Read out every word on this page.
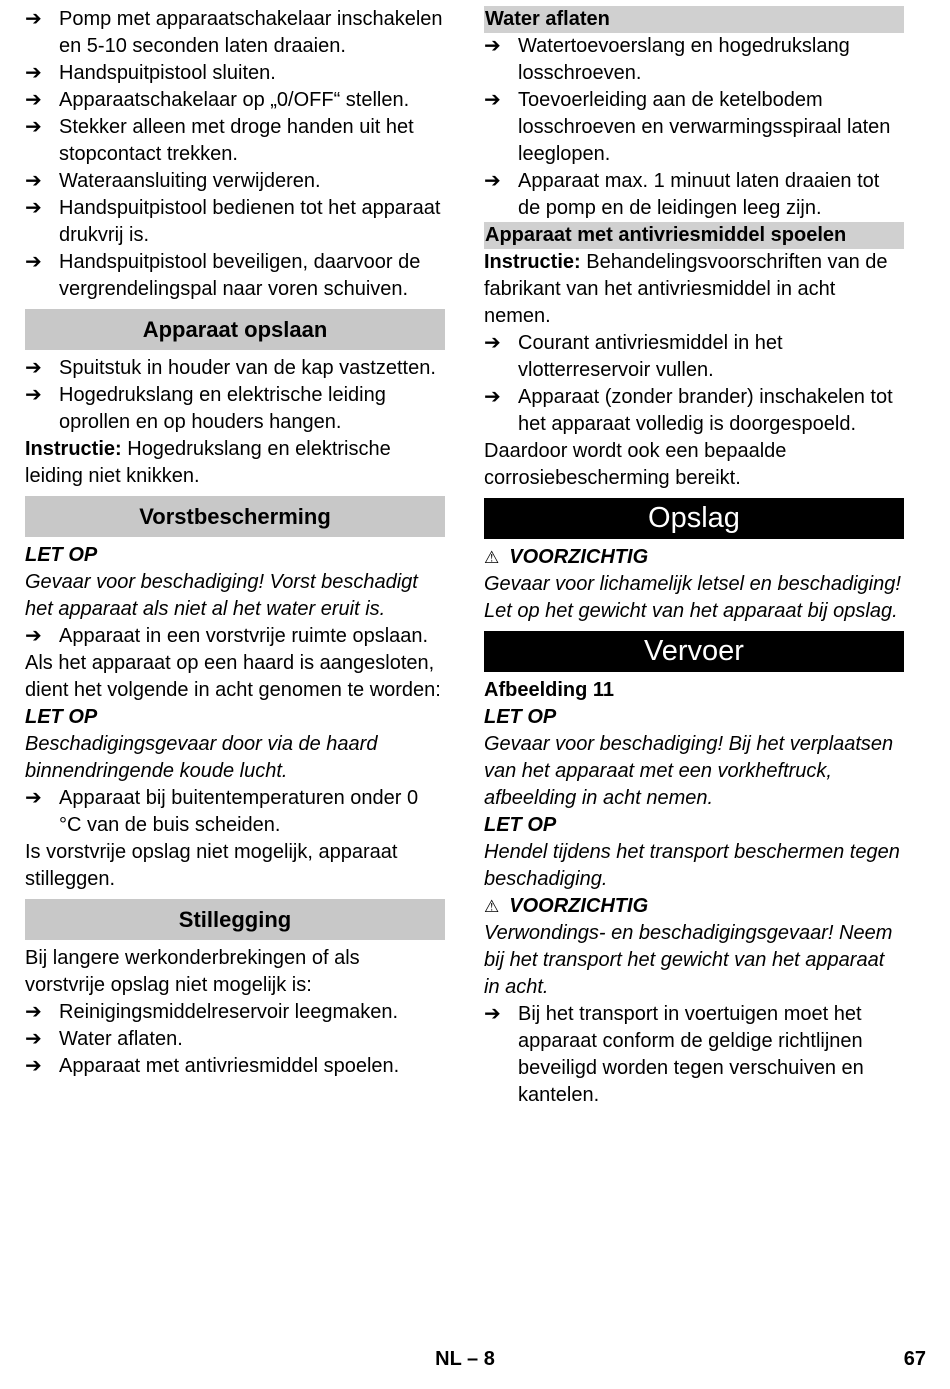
➔ Pomp met apparaatschakelaar inschakelen en 5-10 seconden laten draaien.
➔ Handspuitpistool sluiten.
➔ Apparaatschakelaar op „0/OFF“ stellen.
➔ Stekker alleen met droge handen uit het stopcontact trekken.
➔ Wateraansluiting verwijderen.
➔ Handspuitpistool bedienen tot het apparaat drukvrij is.
➔ Handspuitpistool beveiligen, daarvoor de vergrendelingspal naar voren schuiven.
Apparaat opslaan
➔ Spuitstuk in houder van de kap vastzetten.
➔ Hogedrukslang en elektrische leiding oprollen en op houders hangen.

Instructie: Hogedrukslang en elektrische leiding niet knikken.

Vorstbescherming

LET OP

Gevaar voor beschadiging! Vorst beschadigt het apparaat als niet al het water eruit is.

➔ Apparaat in een vorstvrije ruimte opslaan.

Als het apparaat op een haard is aangesloten, dient het volgende in acht genomen te worden:

LET OP

Beschadigingsgevaar door via de haard binnendringende koude lucht.

➔ Apparaat bij buitentemperaturen onder 0 °C van de buis scheiden.

Is vorstvrije opslag niet mogelijk, apparaat stilleggen.

Stillegging

Bij langere werkonderbrekingen of als vorstvrije opslag niet mogelijk is:

➔ Reinigingsmiddelreservoir leegmaken.
➔ Water aflaten.
➔ Apparaat met antivriesmiddel spoelen.
Water aflaten
➔ Watertoevoerslang en hogedrukslang losschroeven.
➔ Toevoerleiding aan de ketelbodem losschroeven en verwarmingsspiraal laten leeglopen.
➔ Apparaat max. 1 minuut laten draaien tot de pomp en de leidingen leeg zijn.
Apparaat met antivriesmiddel spoelen

Instructie: Behandelingsvoorschriften van de fabrikant van het antivriesmiddel in acht nemen.

➔ Courant antivriesmiddel in het vlotterreservoir vullen.
➔ Apparaat (zonder brander) inschakelen tot het apparaat volledig is doorgespoeld.

Daardoor wordt ook een bepaalde corrosiebescherming bereikt.

Opslag

⚠ VOORZICHTIG

Gevaar voor lichamelijk letsel en beschadiging! Let op het gewicht van het apparaat bij opslag.

Vervoer

Afbeelding 11

LET OP

Gevaar voor beschadiging! Bij het verplaatsen van het apparaat met een vorkheftruck, afbeelding in acht nemen.

LET OP

Hendel tijdens het transport beschermen tegen beschadiging.

⚠ VOORZICHTIG

Verwondings- en beschadigingsgevaar! Neem bij het transport het gewicht van het apparaat in acht.

➔ Bij het transport in voertuigen moet het apparaat conform de geldige richtlijnen beveiligd worden tegen verschuiven en kantelen.
NL – 8	67
